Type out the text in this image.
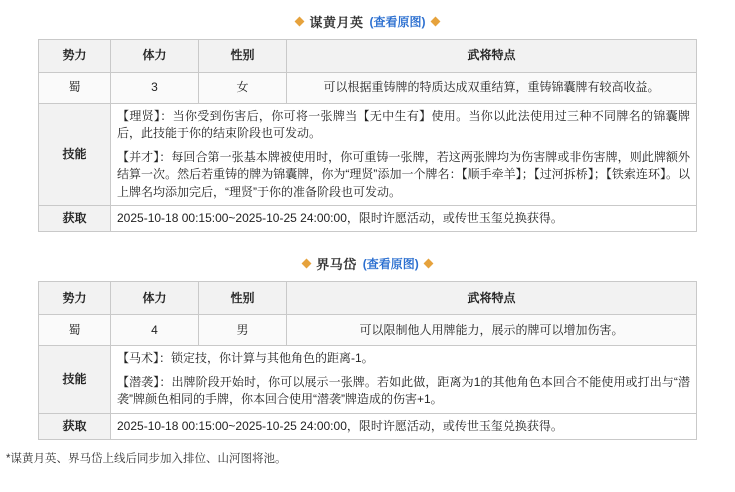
谋黄月英 (查看原图)
势力	体力	性别	武将特点
蜀	3	女	可以根据重铸牌的特质达成双重结算，重铸锦囊牌有较高收益。
技能	【理贤】：当你受到伤害后，你可将一张牌当【无中生有】使用。当你以此法使用过三种不同牌名的锦囊牌后，此技能于你的结束阶段也可发动。

【并才】：每回合第一张基本牌被使用时，你可重铸一张牌，若这两张牌均为伤害牌或非伤害牌，则此牌额外结算一次。然后若重铸的牌为锦囊牌，你为“理贤”添加一个牌名：【顺手牵羊】；【过河拆桥】；【铁索连环】。以上牌名均添加完后，“理贤”于你的准备阶段也可发动。		

获取	2025-10-18 00:15:00~2025-10-25 24:00:00，限时许愿活动，或传世玉玺兑换获得。		
界马岱 (查看原图)
势力	体力	性别	武将特点
蜀	4	男	可以限制他人用牌能力，展示的牌可以增加伤害。
技能	【马术】：锁定技，你计算与其他角色的距离-1。

【潜袭】：出牌阶段开始时，你可以展示一张牌。若如此做，距离为1的其他角色本回合不能使用或打出与“潜袭”牌颜色相同的手牌，你本回合使用“潜袭”牌造成的伤害+1。		

获取	2025-10-18 00:15:00~2025-10-25 24:00:00，限时许愿活动，或传世玉玺兑换获得。		
*谋黄月英、界马岱上线后同步加入排位、山河图将池。
